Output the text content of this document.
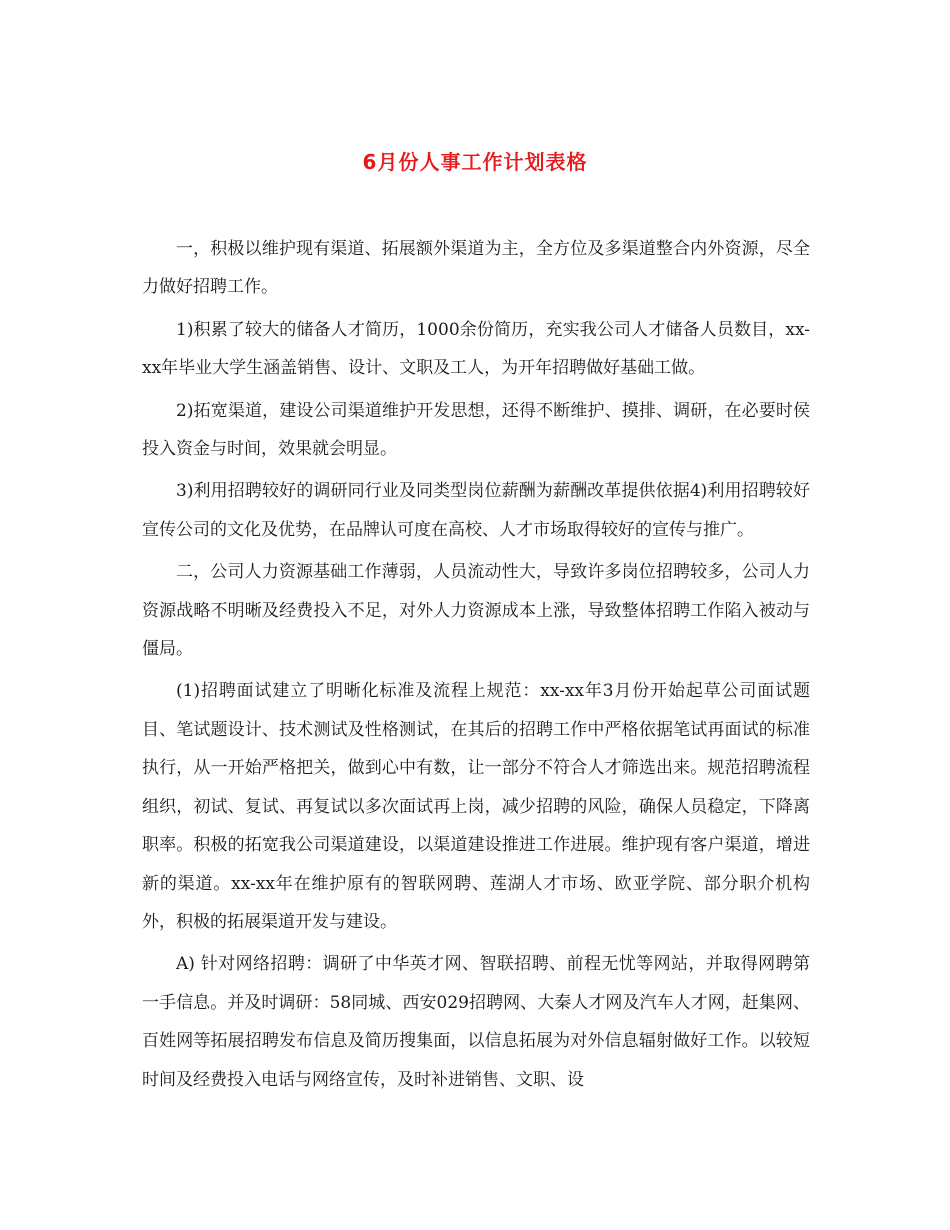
6月份人事工作计划表格

一，积极以维护现有渠道、拓展额外渠道为主，全方位及多渠道整合内外资源，尽全力做好招聘工作。

1)积累了较大的储备人才简历，1000余份简历，充实我公司人才储备人员数目，xx-xx年毕业大学生涵盖销售、设计、文职及工人，为开年招聘做好基础工做。

2)拓宽渠道，建设公司渠道维护开发思想，还得不断维护、摸排、调研，在必要时侯投入资金与时间，效果就会明显。

3)利用招聘较好的调研同行业及同类型岗位薪酬为薪酬改革提供依据4)利用招聘较好宣传公司的文化及优势，在品牌认可度在高校、人才市场取得较好的宣传与推广。

二，公司人力资源基础工作薄弱，人员流动性大，导致许多岗位招聘较多，公司人力资源战略不明晰及经费投入不足，对外人力资源成本上涨，导致整体招聘工作陷入被动与僵局。

(1)招聘面试建立了明晰化标准及流程上规范：xx-xx年3月份开始起草公司面试题目、笔试题设计、技术测试及性格测试，在其后的招聘工作中严格依据笔试再面试的标准执行，从一开始严格把关，做到心中有数，让一部分不符合人才筛选出来。规范招聘流程组织，初试、复试、再复试以多次面试再上岗，减少招聘的风险，确保人员稳定，下降离职率。积极的拓宽我公司渠道建设，以渠道建设推进工作进展。维护现有客户渠道，增进新的渠道。xx-xx年在维护原有的智联网聘、莲湖人才市场、欧亚学院、部分职介机构外，积极的拓展渠道开发与建设。

A) 针对网络招聘：调研了中华英才网、智联招聘、前程无忧等网站，并取得网聘第一手信息。并及时调研：58同城、西安029招聘网、大秦人才网及汽车人才网，赶集网、百姓网等拓展招聘发布信息及简历搜集面，以信息拓展为对外信息辐射做好工作。以较短时间及经费投入电话与网络宣传，及时补进销售、文职、设
